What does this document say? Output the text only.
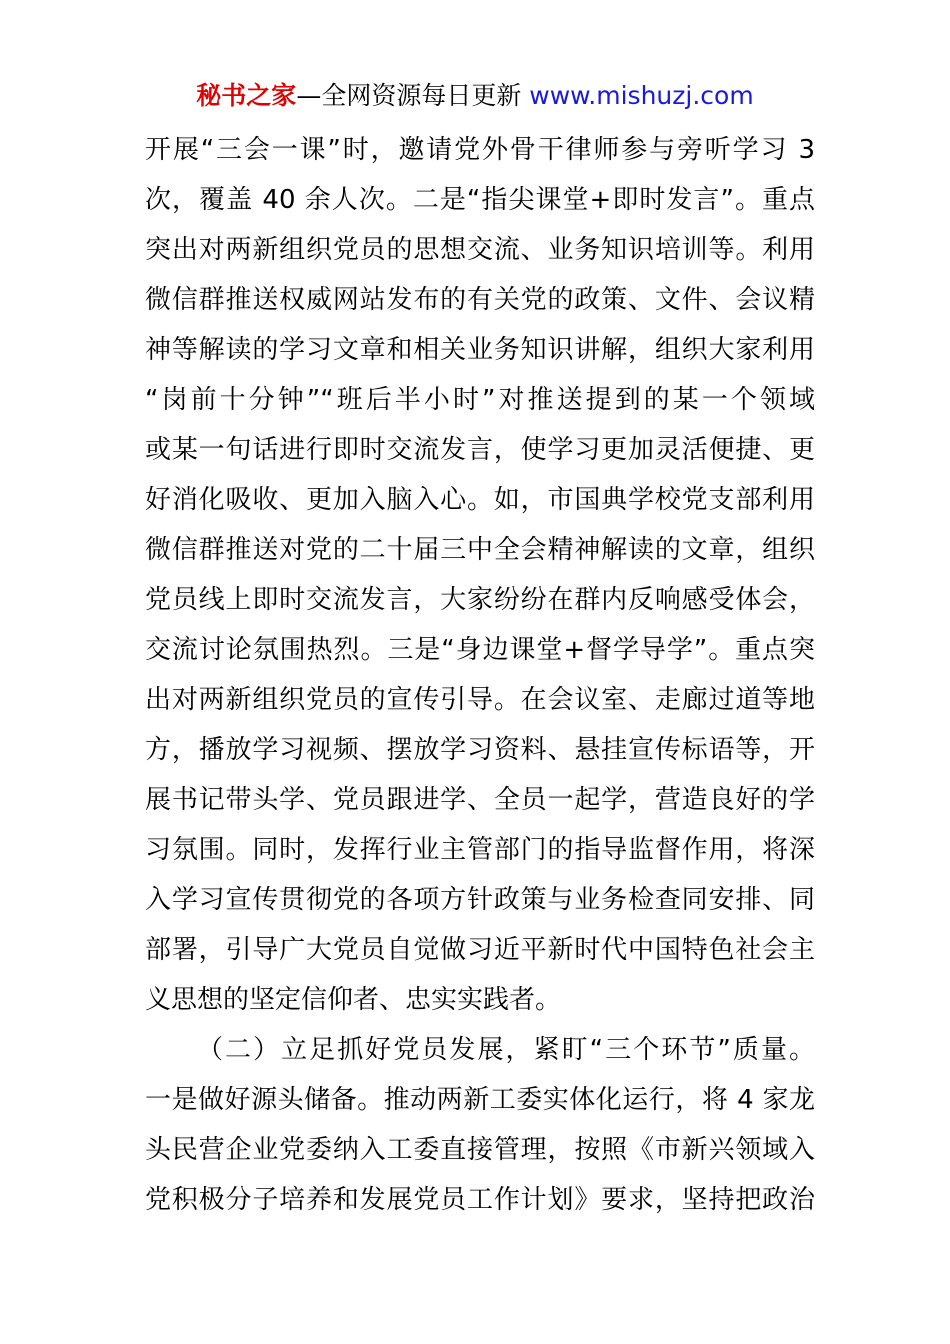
秘书之家—全网资源每日更新 www.mishuzj.com
开展“三会一课”时，邀请党外骨干律师参与旁听学习 3
次，覆盖 40 余人次。二是“指尖课堂+即时发言”。重点
突出对两新组织党员的思想交流、业务知识培训等。利用
微信群推送权威网站发布的有关党的政策、文件、会议精
神等解读的学习文章和相关业务知识讲解，组织大家利用
“岗前十分钟”“班后半小时”对推送提到的某一个领域
或某一句话进行即时交流发言，使学习更加灵活便捷、更
好消化吸收、更加入脑入心。如，市国典学校党支部利用
微信群推送对党的二十届三中全会精神解读的文章，组织
党员线上即时交流发言，大家纷纷在群内反响感受体会，
交流讨论氛围热烈。三是“身边课堂+督学导学”。重点突
出对两新组织党员的宣传引导。在会议室、走廊过道等地
方，播放学习视频、摆放学习资料、悬挂宣传标语等，开
展书记带头学、党员跟进学、全员一起学，营造良好的学
习氛围。同时，发挥行业主管部门的指导监督作用，将深
入学习宣传贯彻党的各项方针政策与业务检查同安排、同
部署，引导广大党员自觉做习近平新时代中国特色社会主
义思想的坚定信仰者、忠实实践者。
（二）立足抓好党员发展，紧盯“三个环节”质量。
一是做好源头储备。推动两新工委实体化运行，将 4 家龙
头民营企业党委纳入工委直接管理，按照《市新兴领域入
党积极分子培养和发展党员工作计划》要求，坚持把政治
